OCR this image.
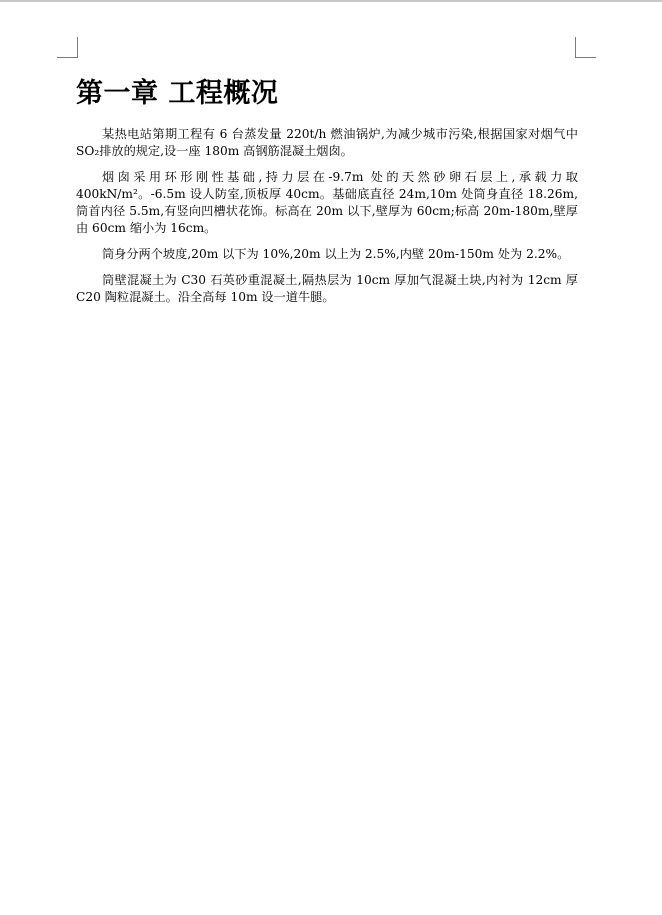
第一章 工程概况

某热电站第期工程有 6 台蒸发量 220t/h 燃油锅炉,为减少城市污染,根据国家对烟气中 SO₂排放的规定,设一座 180m 高钢筋混凝土烟囱。

烟囱采用环形刚性基础,持力层在-9.7m 处的天然砂卵石层上,承载力取 400kN/m²。-6.5m 设人防室,顶板厚 40cm。基础底直径 24m,10m 处筒身直径 18.26m,筒首内径 5.5m,有竖向凹槽状花饰。标高在 20m 以下,壁厚为 60cm;标高 20m-180m,壁厚由 60cm 缩小为 16cm。

筒身分两个坡度,20m 以下为 10%,20m 以上为 2.5%,内壁 20m-150m 处为 2.2%。

筒壁混凝土为 C30 石英砂重混凝土,隔热层为 10cm 厚加气混凝土块,内衬为 12cm 厚 C20 陶粒混凝土。沿全高每 10m 设一道牛腿。
